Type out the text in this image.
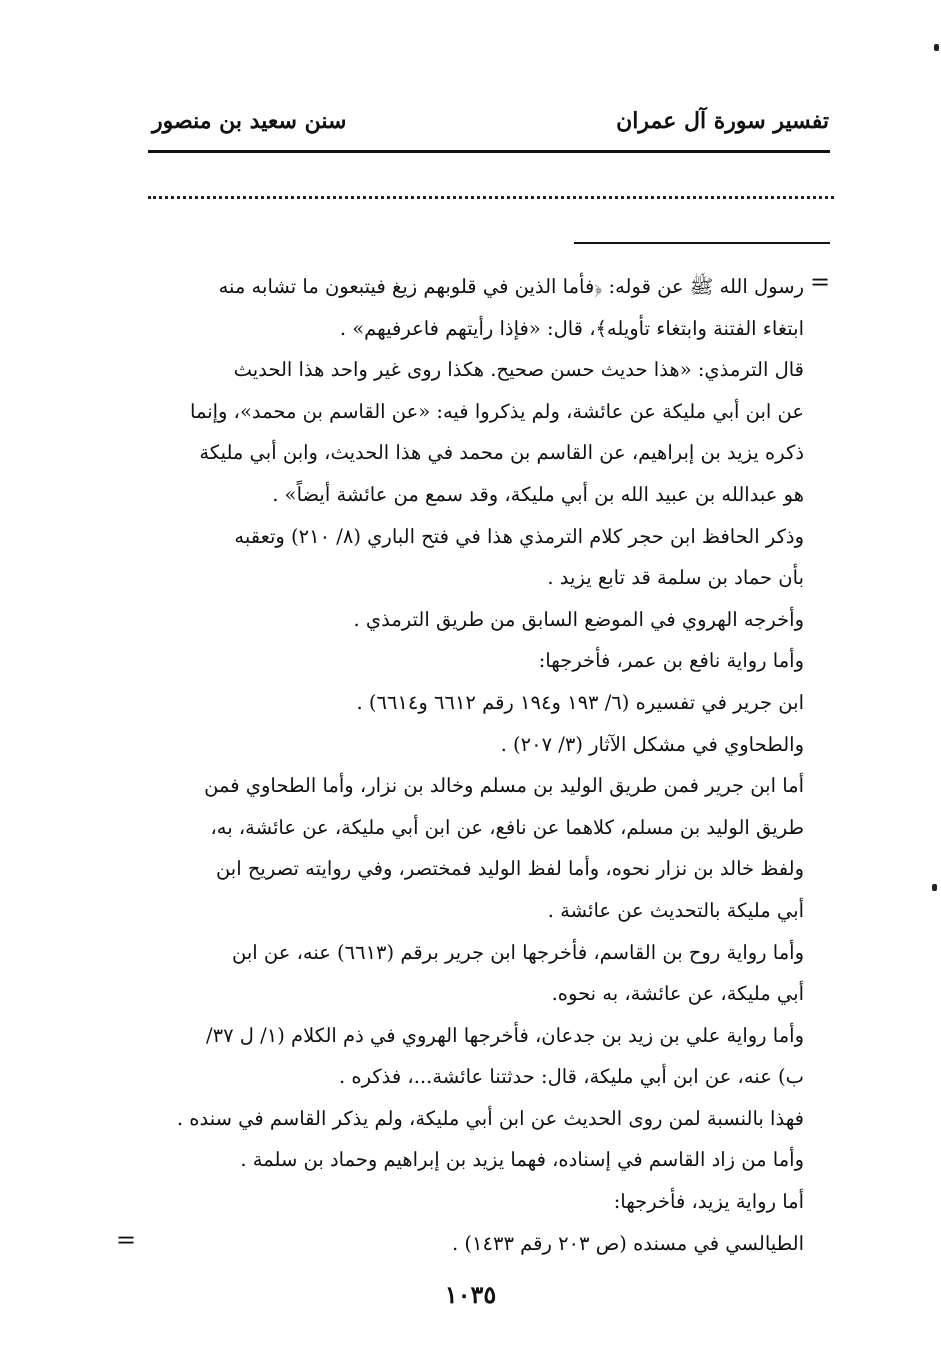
تفسير سورة آل عمران
سنن سعيد بن منصور
=

رسول الله ﷺ عن قوله: ﴿فأما الذين في قلوبهم زيغ فيتبعون ما تشابه منه

ابتغاء الفتنة وابتغاء تأويله﴾، قال: «فإذا رأيتهم فاعرفيهم» .

قال الترمذي: «هذا حديث حسن صحيح. هكذا روى غير واحد هذا الحديث

عن ابن أبي مليكة عن عائشة، ولم يذكروا فيه: «عن القاسم بن محمد»، وإنما

ذكره يزيد بن إبراهيم، عن القاسم بن محمد في هذا الحديث، وابن أبي مليكة

هو عبدالله بن عبيد الله بن أبي مليكة، وقد سمع من عائشة أيضاً» .

وذكر الحافظ ابن حجر كلام الترمذي هذا في فتح الباري (٨/ ٢١٠) وتعقبه

بأن حماد بن سلمة قد تابع يزيد .

وأخرجه الهروي في الموضع السابق من طريق الترمذي .

وأما رواية نافع بن عمر، فأخرجها:

ابن جرير في تفسيره (٦/ ١٩٣ و١٩٤ رقم ٦٦١٢ و٦٦١٤) .

والطحاوي في مشكل الآثار (٣/ ٢٠٧) .

أما ابن جرير فمن طريق الوليد بن مسلم وخالد بن نزار، وأما الطحاوي فمن

طريق الوليد بن مسلم، كلاهما عن نافع، عن ابن أبي مليكة، عن عائشة، به،

ولفظ خالد بن نزار نحوه، وأما لفظ الوليد فمختصر، وفي روايته تصريح ابن

أبي مليكة بالتحديث عن عائشة .

وأما رواية روح بن القاسم، فأخرجها ابن جرير برقم (٦٦١٣) عنه، عن ابن

أبي مليكة، عن عائشة، به نحوه.

وأما رواية علي بن زيد بن جدعان، فأخرجها الهروي في ذم الكلام (١/ ل ٣٧/

ب) عنه، عن ابن أبي مليكة، قال: حدثتنا عائشة...، فذكره .

فهذا بالنسبة لمن روى الحديث عن ابن أبي مليكة، ولم يذكر القاسم في سنده .

وأما من زاد القاسم في إسناده، فهما يزيد بن إبراهيم وحماد بن سلمة .

أما رواية يزيد، فأخرجها:

الطيالسي في مسنده (ص ٢٠٣ رقم ١٤٣٣) .

=
١٠٣٥
